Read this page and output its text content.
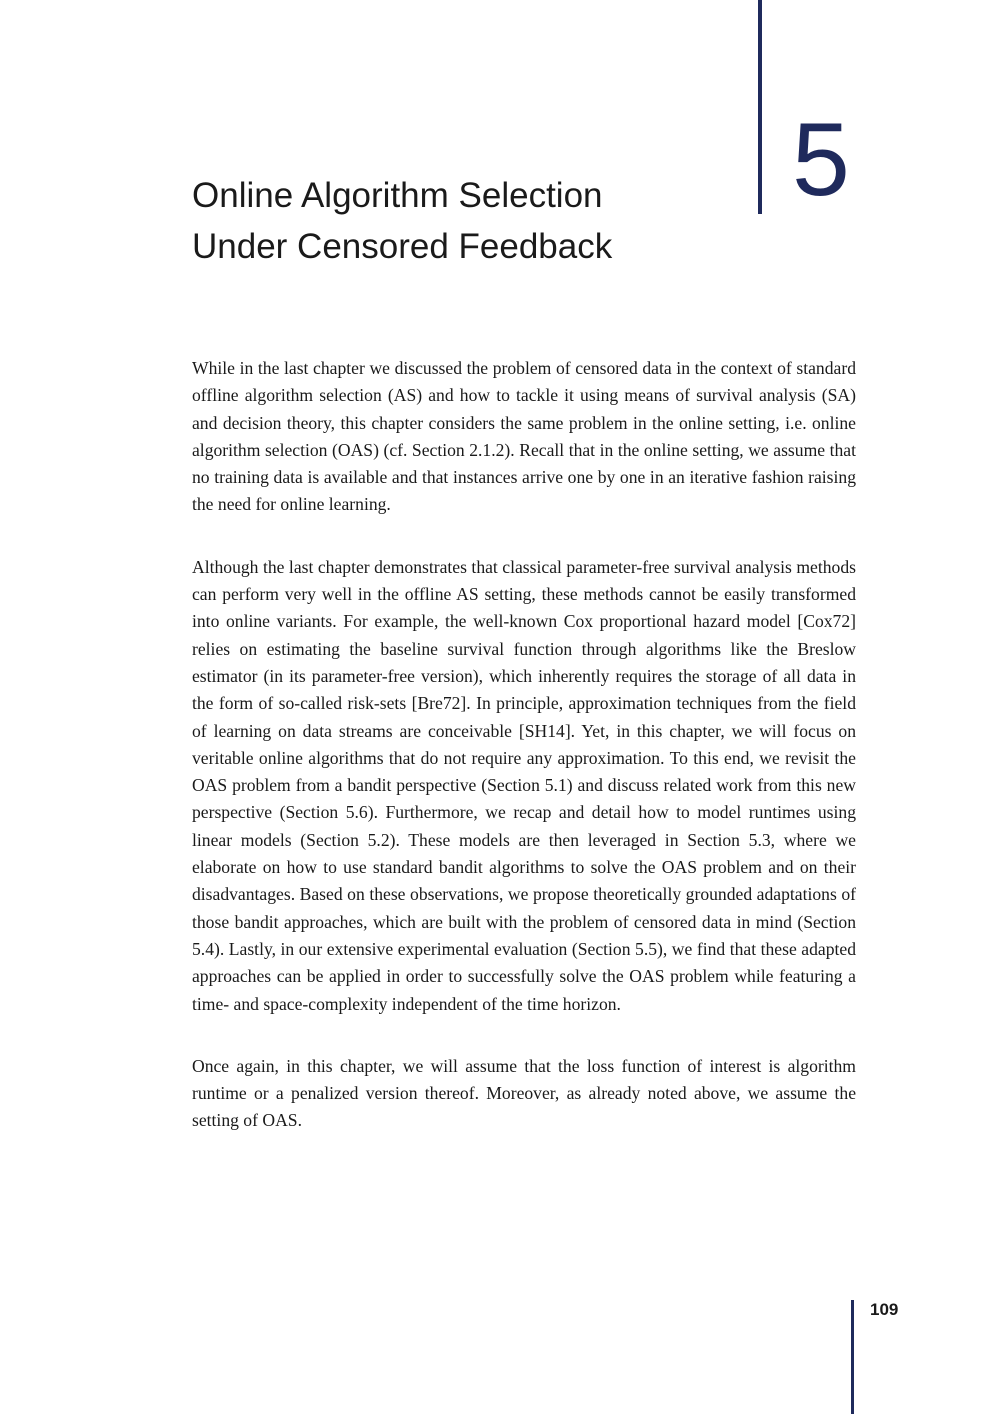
5
Online Algorithm Selection
Under Censored Feedback

While in the last chapter we discussed the problem of censored data in the context of standard offline algorithm selection (AS) and how to tackle it using means of survival analysis (SA) and decision theory, this chapter considers the same problem in the online setting, i.e. online algorithm selection (OAS) (cf. Section 2.1.2). Recall that in the online setting, we assume that no training data is available and that instances arrive one by one in an iterative fashion raising the need for online learning.

Although the last chapter demonstrates that classical parameter-free survival analysis methods can perform very well in the offline AS setting, these methods cannot be easily transformed into online variants. For example, the well-known Cox proportional hazard model [Cox72] relies on estimating the baseline survival function through algorithms like the Breslow estimator (in its parameter-free version), which inherently requires the storage of all data in the form of so-called risk-sets [Bre72]. In principle, approximation techniques from the field of learning on data streams are conceivable [SH14]. Yet, in this chapter, we will focus on veritable online algorithms that do not require any approximation. To this end, we revisit the OAS problem from a bandit perspective (Section 5.1) and discuss related work from this new perspective (Section 5.6). Furthermore, we recap and detail how to model runtimes using linear models (Section 5.2). These models are then leveraged in Section 5.3, where we elaborate on how to use standard bandit algorithms to solve the OAS problem and on their disadvantages. Based on these observations, we propose theoretically grounded adaptations of those bandit approaches, which are built with the problem of censored data in mind (Section 5.4). Lastly, in our extensive experimental evaluation (Section 5.5), we find that these adapted approaches can be applied in order to successfully solve the OAS problem while featuring a time- and space-complexity independent of the time horizon.

Once again, in this chapter, we will assume that the loss function of interest is algorithm runtime or a penalized version thereof. Moreover, as already noted above, we assume the setting of OAS.

109
